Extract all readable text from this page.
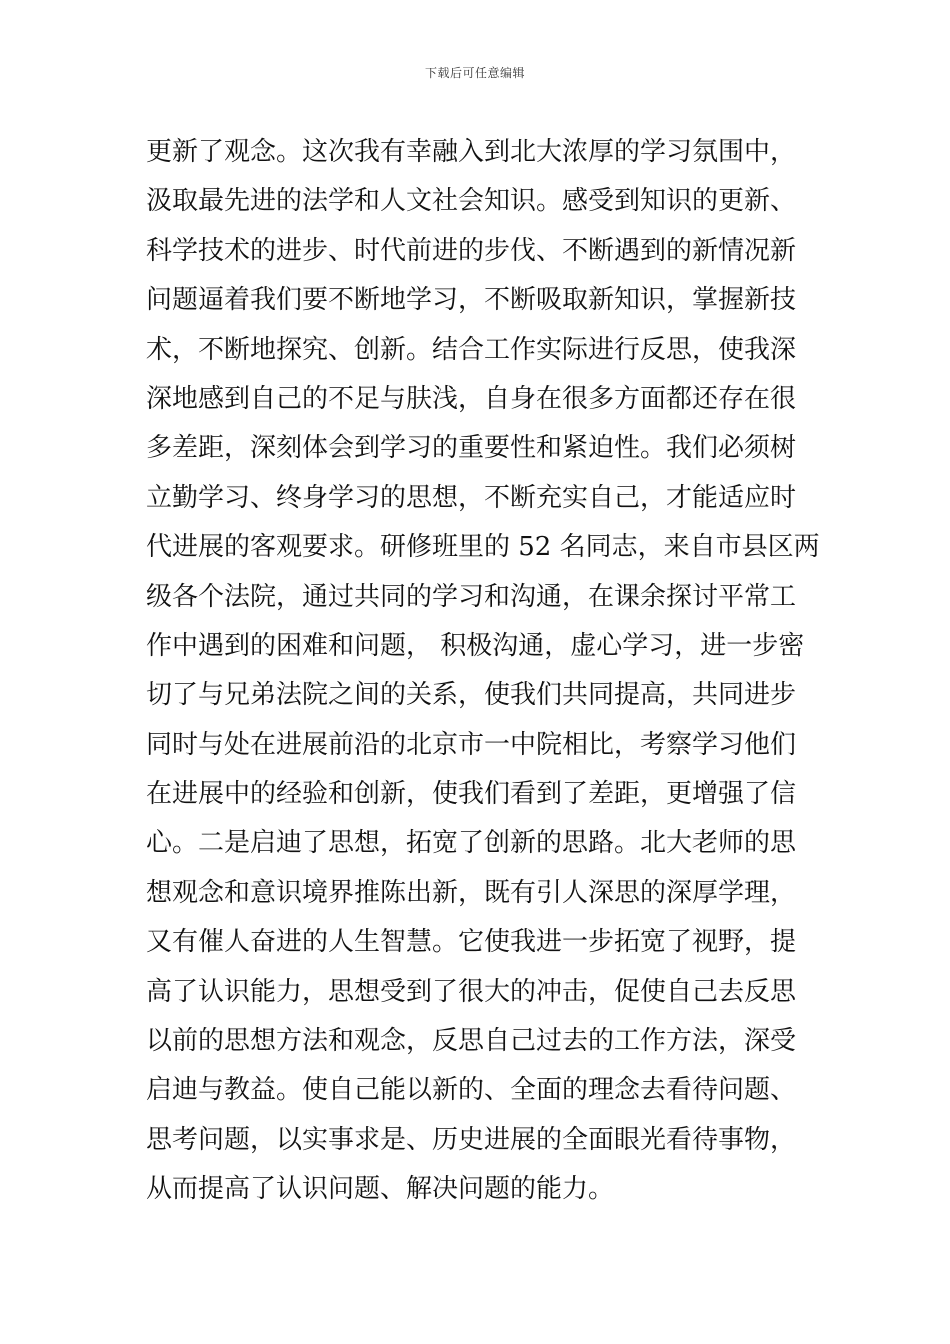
下载后可任意编辑
更新了观念。这次我有幸融入到北大浓厚的学习氛围中，
汲取最先进的法学和人文社会知识。感受到知识的更新、
科学技术的进步、时代前进的步伐、不断遇到的新情况新
问题逼着我们要不断地学习，不断吸取新知识，掌握新技
术，不断地探究、创新。结合工作实际进行反思，使我深
深地感到自己的不足与肤浅，自身在很多方面都还存在很
多差距，深刻体会到学习的重要性和紧迫性。我们必须树
立勤学习、终身学习的思想，不断充实自己，才能适应时
代进展的客观要求。研修班里的 52 名同志，来自市县区两
级各个法院，通过共同的学习和沟通，在课余探讨平常工
作中遇到的困难和问题， 积极沟通，虚心学习，进一步密
切了与兄弟法院之间的关系，使我们共同提高，共同进步
同时与处在进展前沿的北京市一中院相比，考察学习他们
在进展中的经验和创新，使我们看到了差距，更增强了信
心。二是启迪了思想，拓宽了创新的思路。北大老师的思
想观念和意识境界推陈出新，既有引人深思的深厚学理，
又有催人奋进的人生智慧。它使我进一步拓宽了视野，提
高了认识能力，思想受到了很大的冲击，促使自己去反思
以前的思想方法和观念，反思自己过去的工作方法，深受
启迪与教益。使自己能以新的、全面的理念去看待问题、
思考问题，以实事求是、历史进展的全面眼光看待事物，
从而提高了认识问题、解决问题的能力。
